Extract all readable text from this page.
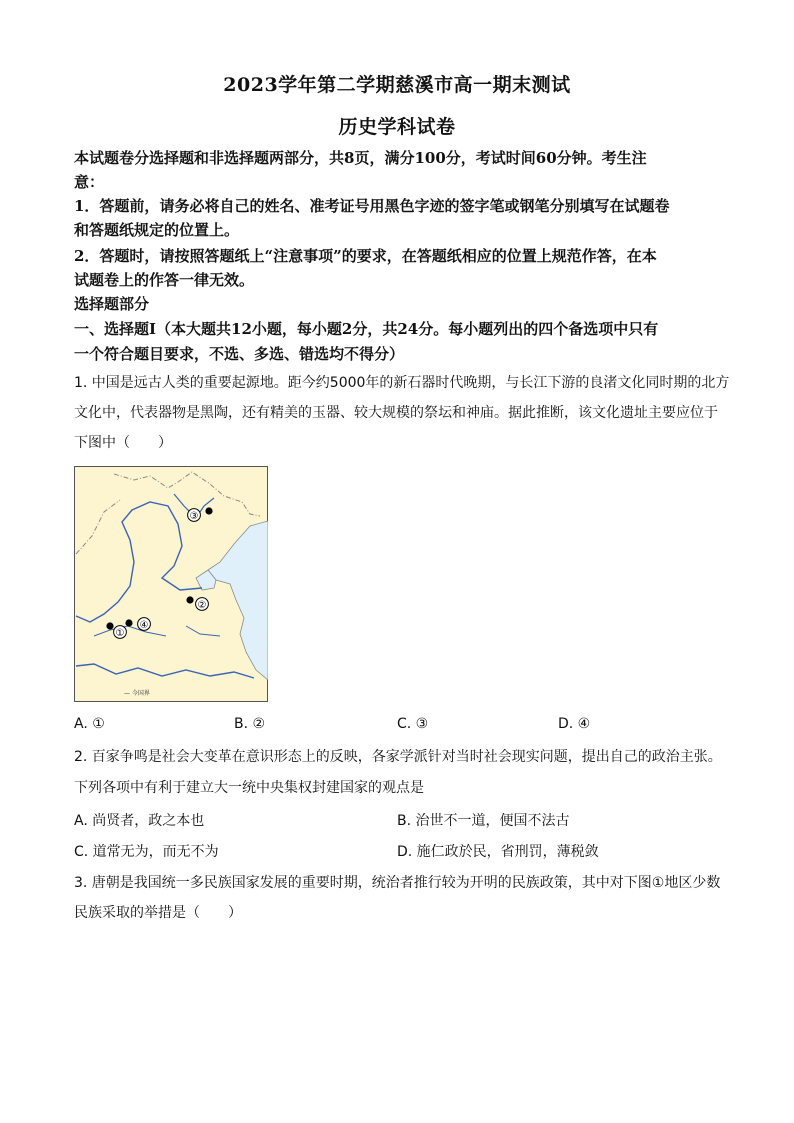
2023学年第二学期慈溪市高一期末测试
历史学科试卷
本试题卷分选择题和非选择题两部分，共8页，满分100分，考试时间60分钟。考生注
意：
1．答题前，请务必将自己的姓名、准考证号用黑色字迹的签字笔或钢笔分别填写在试题卷
和答题纸规定的位置上。
2．答题时，请按照答题纸上“注意事项”的要求，在答题纸相应的位置上规范作答，在本
试题卷上的作答一律无效。
选择题部分
一、选择题Ⅰ（本大题共12小题，每小题2分，共24分。每小题列出的四个备选项中只有
一个符合题目要求，不选、多选、错选均不得分）
1. 中国是远古人类的重要起源地。距今约5000年的新石器时代晚期，与长江下游的良渚文化同时期的北方
文化中，代表器物是黑陶，还有精美的玉器、较大规模的祭坛和神庙。据此推断，该文化遗址主要应位于
下图中（　　）
③
②
①
④
— 今国界
A. ①	B. ②	C. ③	D. ④
2. 百家争鸣是社会大变革在意识形态上的反映，各家学派针对当时社会现实问题，提出自己的政治主张。
下列各项中有利于建立大一统中央集权封建国家的观点是
A. 尚贤者，政之本也	B. 治世不一道，便国不法古
C. 道常无为，而无不为	D. 施仁政於民，省刑罚，薄税敛
3. 唐朝是我国统一多民族国家发展的重要时期，统治者推行较为开明的民族政策，其中对下图①地区少数
民族采取的举措是（　　）
